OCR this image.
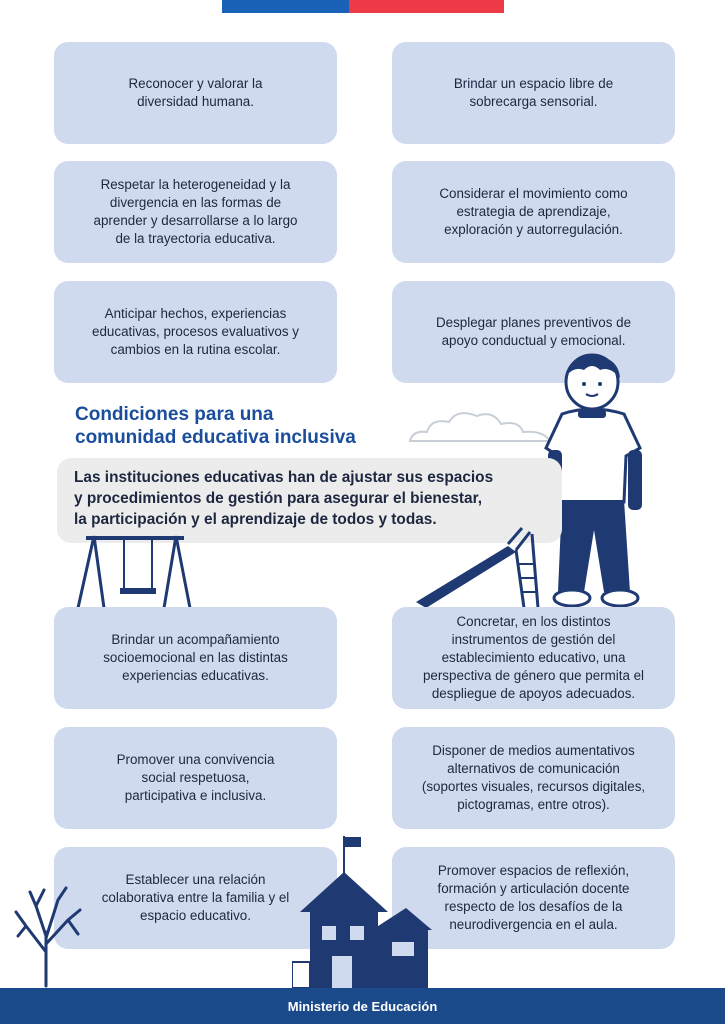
Reconocer y valorar la
diversidad humana.
Brindar un espacio libre de
sobrecarga sensorial.
Respetar la heterogeneidad y la
divergencia en las formas de
aprender y desarrollarse a lo largo
de la trayectoria educativa.
Considerar el movimiento como
estrategia de aprendizaje,
exploración y autorregulación.
Anticipar hechos, experiencias
educativas, procesos evaluativos y
cambios en la rutina escolar.
Desplegar planes preventivos de
apoyo conductual y emocional.
Condiciones para una
comunidad educativa inclusiva
Las instituciones educativas han de ajustar sus espacios
y procedimientos de gestión para asegurar el bienestar,
la participación y el aprendizaje de todos y todas.
Brindar un acompañamiento
socioemocional en las distintas
experiencias educativas.
Concretar, en los distintos
instrumentos de gestión del
establecimiento educativo, una
perspectiva de género que permita el
despliegue de apoyos adecuados.
Promover una convivencia
social respetuosa,
participativa e inclusiva.
Disponer de medios aumentativos
alternativos de comunicación
(soportes visuales, recursos digitales,
pictogramas, entre otros).
Establecer una relación
colaborativa entre la familia y el
espacio educativo.
Promover espacios de reflexión,
formación y articulación docente
respecto de los desafíos de la
neurodivergencia en el aula.
Ministerio de Educación
